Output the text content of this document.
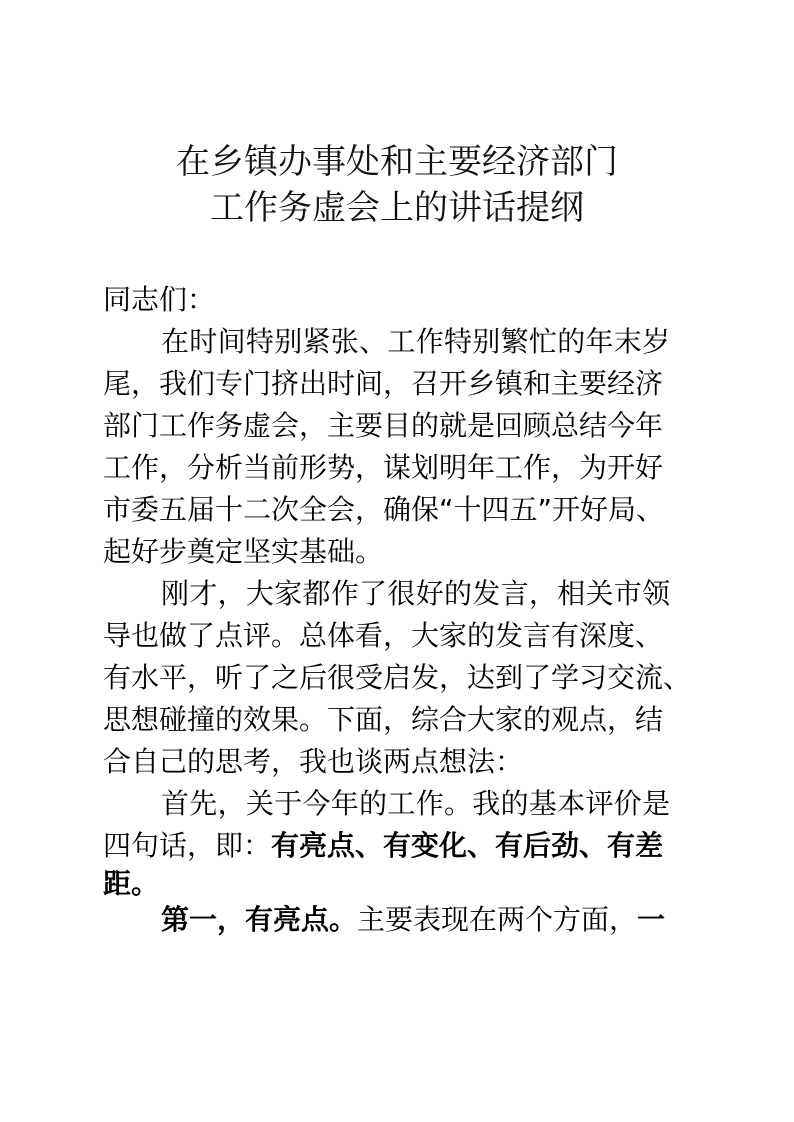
在乡镇办事处和主要经济部门
工作务虚会上的讲话提纲
同志们：
在时间特别紧张、工作特别繁忙的年末岁
尾，我们专门挤出时间，召开乡镇和主要经济
部门工作务虚会，主要目的就是回顾总结今年
工作，分析当前形势，谋划明年工作，为开好
市委五届十二次全会，确保“十四五”开好局、
起好步奠定坚实基础。
刚才，大家都作了很好的发言，相关市领
导也做了点评。总体看，大家的发言有深度、
有水平，听了之后很受启发，达到了学习交流、
思想碰撞的效果。下面，综合大家的观点，结
合自己的思考，我也谈两点想法：
首先，关于今年的工作。我的基本评价是
四句话，即：有亮点、有变化、有后劲、有差
距。
第一，有亮点。主要表现在两个方面，一
